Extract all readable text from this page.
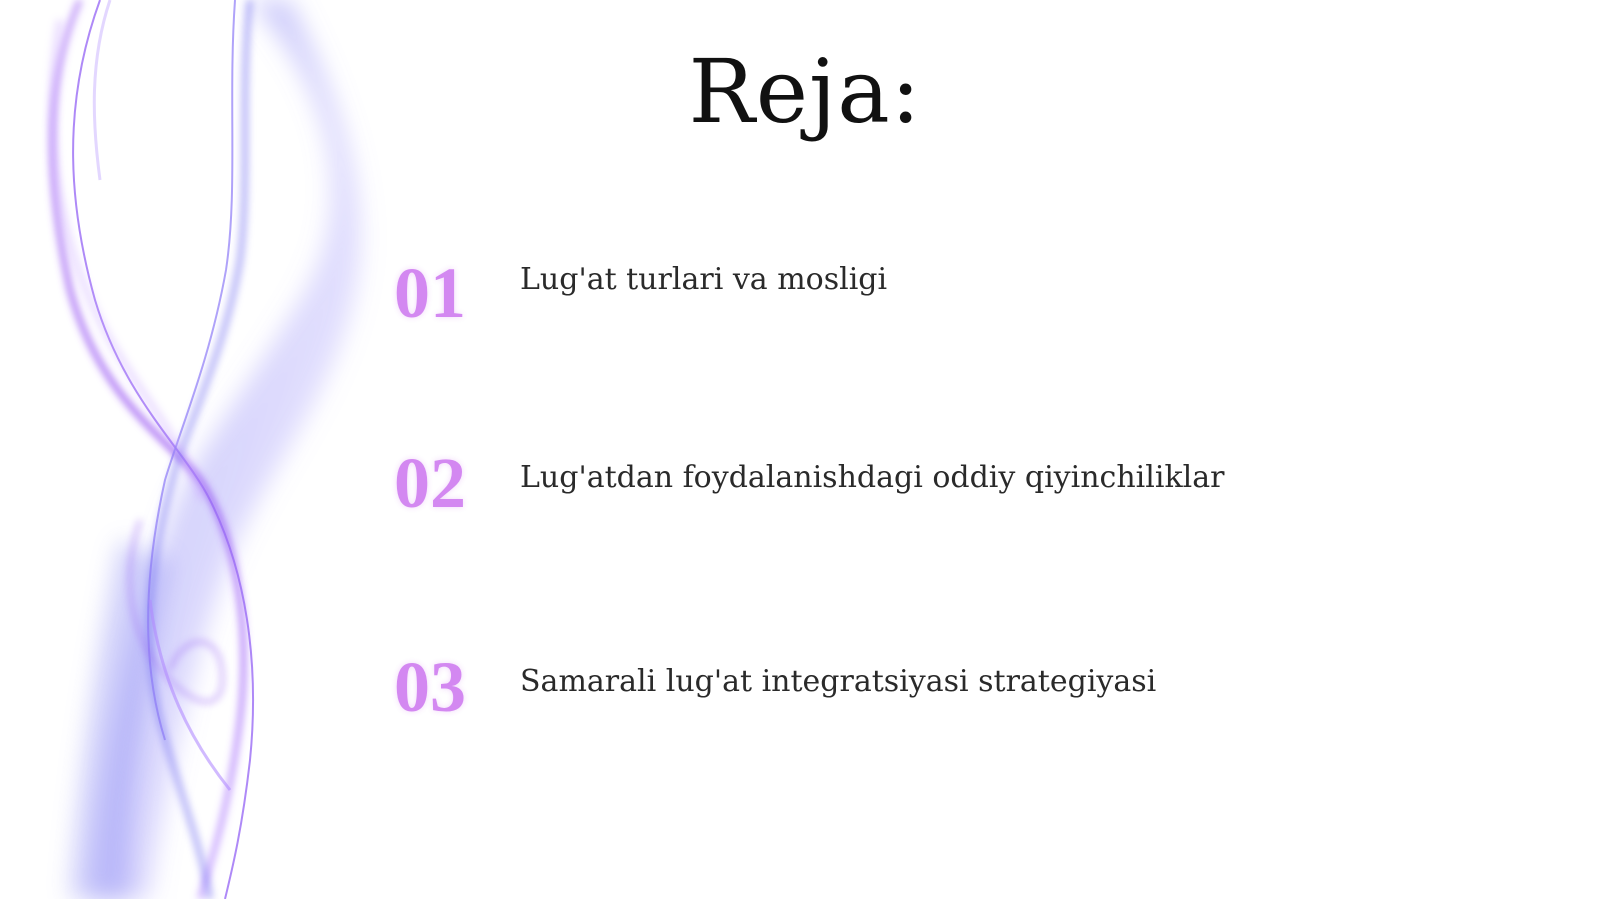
Reja:
01 Lug'at turlari va mosligi
02 Lug'atdan foydalanishdagi oddiy qiyinchiliklar
03 Samarali lug'at integratsiyasi strategiyasi
